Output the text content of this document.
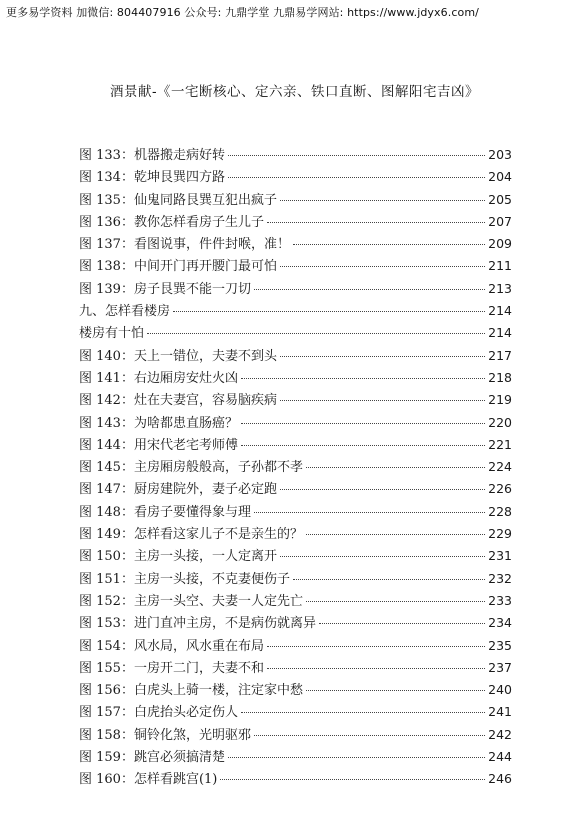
更多易学资料 加微信: 804407916 公众号: 九鼎学堂 九鼎易学网站: https://www.jdyx6.com/
酒景献-《一宅断核心、定六亲、铁口直断、图解阳宅吉凶》
图 133：机器搬走病好转	203
图 134：乾坤艮巽四方路	204
图 135：仙鬼同路艮巽互犯出疯子	205
图 136：教你怎样看房子生儿子	207
图 137：看图说事，件件封喉，准！	209
图 138：中间开门再开腰门最可怕	211
图 139：房子艮巽不能一刀切	213
九、怎样看楼房	214
楼房有十怕	214
图 140：天上一错位，夫妻不到头	217
图 141：右边厢房安灶火凶	218
图 142：灶在夫妻宫，容易脑疾病	219
图 143：为啥都患直肠癌？	220
图 144：用宋代老宅考师傅	221
图 145：主房厢房般般高，子孙都不孝	224
图 147：厨房建院外，妻子必定跑	226
图 148：看房子要懂得象与理	228
图 149：怎样看这家儿子不是亲生的？	229
图 150：主房一头接，一人定离开	231
图 151：主房一头接，不克妻便伤子	232
图 152：主房一头空、夫妻一人定先亡	233
图 153：进门直冲主房，不是病伤就离异	234
图 154：风水局，风水重在布局	235
图 155：一房开二门，夫妻不和	237
图 156：白虎头上骑一楼，注定家中愁	240
图 157：白虎抬头必定伤人	241
图 158：铜铃化煞，光明驱邪	242
图 159：跳宫必须搞清楚	244
图 160：怎样看跳宫(1)	246
